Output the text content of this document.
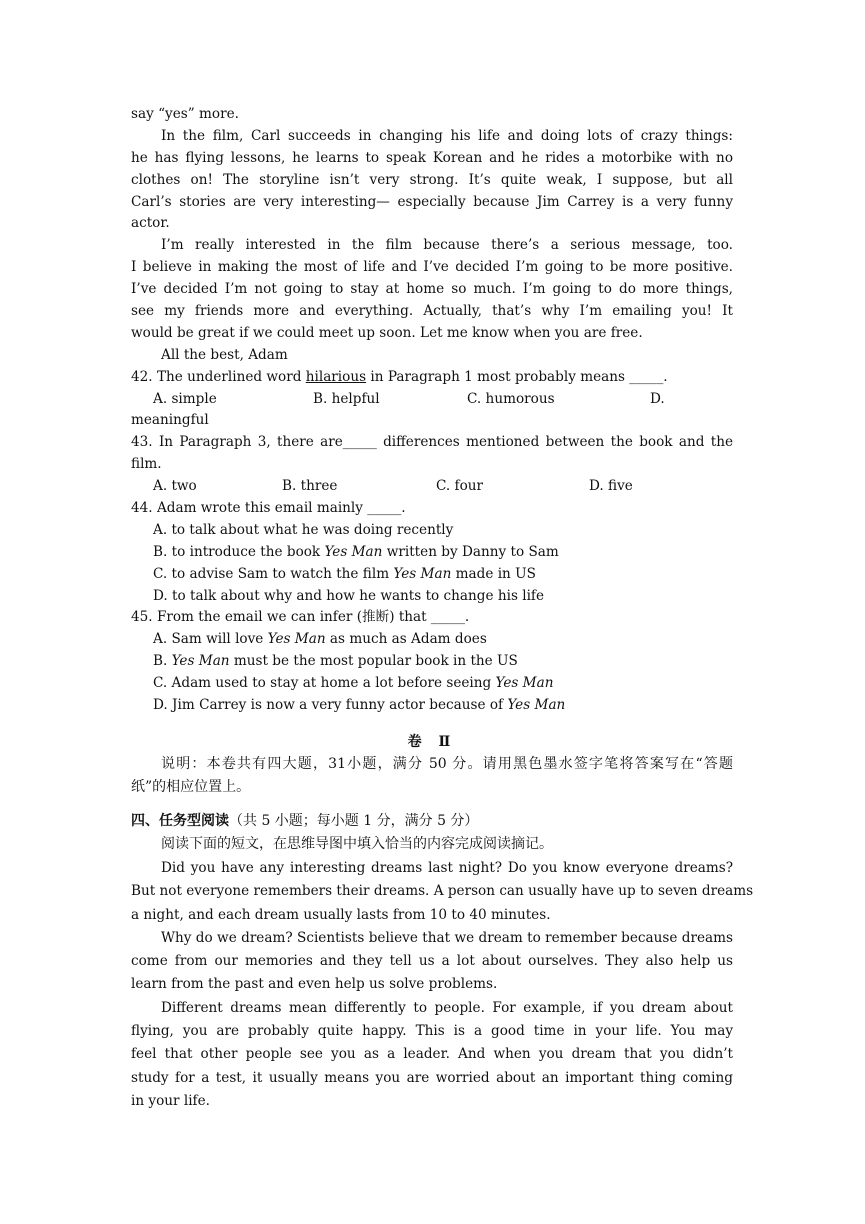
say “yes” more.
In the film, Carl succeeds in changing his life and doing lots of crazy things:
he has flying lessons, he learns to speak Korean and he rides a motorbike with no
clothes on! The storyline isn’t very strong. It’s quite weak, I suppose, but all
Carl’s stories are very interesting— especially because Jim Carrey is a very funny
actor.
I’m really interested in the film because there’s a serious message, too.
I believe in making the most of life and I’ve decided I’m going to be more positive.
I’ve decided I’m not going to stay at home so much. I’m going to do more things,
see my friends more and everything. Actually, that’s why I’m emailing you! It
would be great if we could meet up soon. Let me know when you are free.
All the best, Adam
42. The underlined word hilarious in Paragraph 1 most probably means _____.
A. simple	B. helpful	C. humorous	D.
meaningful
43. In Paragraph 3, there are_____ differences mentioned between the book and the
film.
A. two	B. three	C. four	D. five
44. Adam wrote this email mainly _____.
A. to talk about what he was doing recently
B. to introduce the book Yes Man written by Danny to Sam
C. to advise Sam to watch the film Yes Man made in US
D. to talk about why and how he wants to change his life
45. From the email we can infer (推断) that _____.
A. Sam will love Yes Man as much as Adam does
B. Yes Man must be the most popular book in the US
C. Adam used to stay at home a lot before seeing Yes Man
D. Jim Carrey is now a very funny actor because of Yes Man
卷 Ⅱ
说明：本卷共有四大题，31小题，满分 50 分。请用黑色墨水签字笔将答案写在“答题
纸”的相应位置上。
四、任务型阅读（共 5 小题；每小题 1 分，满分 5 分）
阅读下面的短文，在思维导图中填入恰当的内容完成阅读摘记。
Did you have any interesting dreams last night? Do you know everyone dreams?
But not everyone remembers their dreams. A person can usually have up to seven dreams
a night, and each dream usually lasts from 10 to 40 minutes.
Why do we dream? Scientists believe that we dream to remember because dreams
come from our memories and they tell us a lot about ourselves. They also help us
learn from the past and even help us solve problems.
Different dreams mean differently to people. For example, if you dream about
flying, you are probably quite happy. This is a good time in your life. You may
feel that other people see you as a leader. And when you dream that you didn’t
study for a test, it usually means you are worried about an important thing coming
in your life.
